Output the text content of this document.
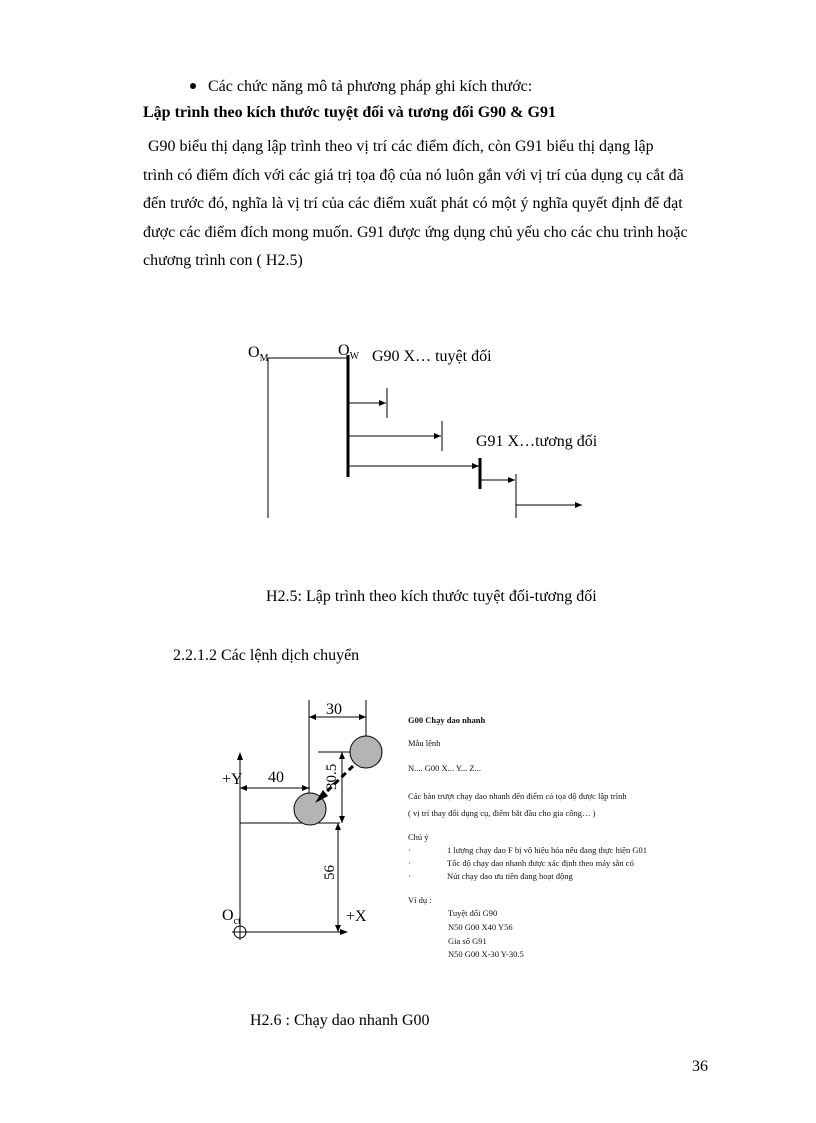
Các chức năng mô tả phương pháp ghi kích thước:
Lập trình theo kích thước tuyệt đối và tương đối G90 & G91

G90 biểu thị dạng lập trình theo vị trí các điểm đích, còn G91 biểu thị dạng lập

trình có điểm đích với các giá trị tọa độ của nó luôn gắn với vị trí của dụng cụ cắt đã

đến trước đó, nghĩa là vị trí của các điểm xuất phát có một ý nghĩa quyết định để đạt

được các điểm đích mong muốn. G91 được ứng dụng chủ yếu cho các chu trình hoặc

chương trình con ( H2.5)

$O_M$	$O_W$ G90 X… tuyệt đối
G91 X…tương đối
H2.5: Lập trình theo kích thước tuyệt đối-tương đối
2.2.1.2 Các lệnh dịch chuyển
30
40
+Y
+X
$O_{ct}$
30.5
56
G00 Chạy dao nhanh
Mẫu lệnh
N.... G00 X... Y... Z...
Các bàn trượt chạy dao nhanh đến điểm có tọa độ được lập trình
( vị trí thay đổi dụng cụ, điểm bắt đầu cho gia công… )
Chú ý
·	1 lượng chạy dao F bị vô hiệu hóa nếu đang thực hiện G01
·	Tốc độ chạy dao nhanh được xác định theo máy sẵn có
·	Nút chạy dao ưu tiên đang hoạt động
Ví dụ :
Tuyệt đối G90
N50 G00 X40 Y56
Gia số G91
N50 G00 X-30 Y-30.5
H2.6 : Chạy dao nhanh G00
36
